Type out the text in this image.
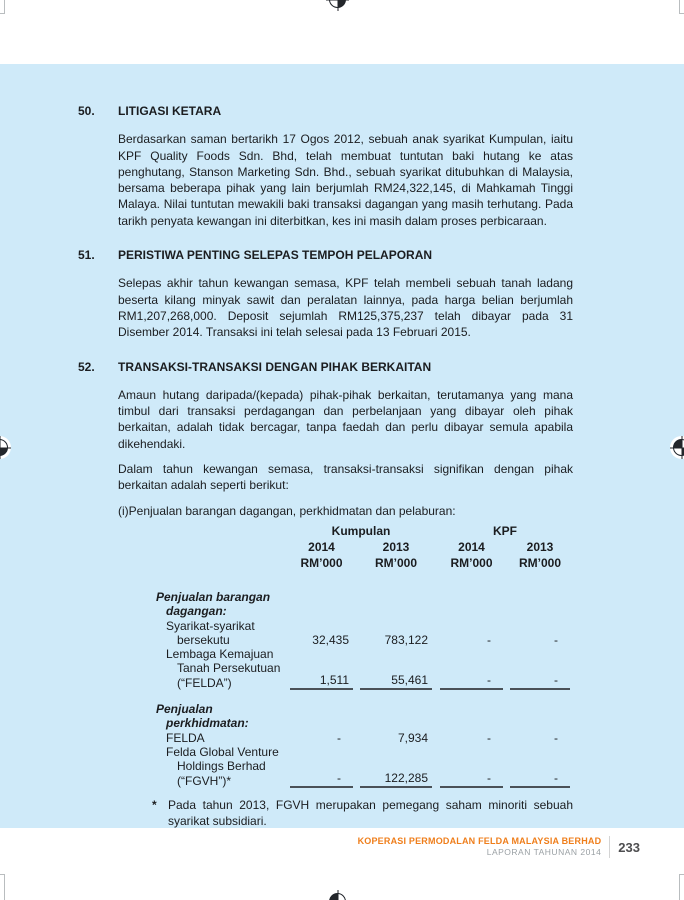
50.	LITIGASI KETARA

Berdasarkan saman bertarikh 17 Ogos 2012, sebuah anak syarikat Kumpulan, iaitu KPF Quality Foods Sdn. Bhd, telah membuat tuntutan baki hutang ke atas penghutang, Stanson Marketing Sdn. Bhd., sebuah syarikat ditubuhkan di Malaysia, bersama beberapa pihak yang lain berjumlah RM24,322,145, di Mahkamah Tinggi Malaya. Nilai tuntutan mewakili baki transaksi dagangan yang masih terhutang. Pada tarikh penyata kewangan ini diterbitkan, kes ini masih dalam proses perbicaraan.

51.	PERISTIWA PENTING SELEPAS TEMPOH PELAPORAN

Selepas akhir tahun kewangan semasa, KPF telah membeli sebuah tanah ladang beserta kilang minyak sawit dan peralatan lainnya, pada harga belian berjumlah RM1,207,268,000. Deposit sejumlah RM125,375,237 telah dibayar pada 31 Disember 2014. Transaksi ini telah selesai pada 13 Februari 2015.

52.	TRANSAKSI-TRANSAKSI DENGAN PIHAK BERKAITAN

Amaun hutang daripada/(kepada) pihak-pihak berkaitan, terutamanya yang mana timbul dari transaksi perdagangan dan perbelanjaan yang dibayar oleh pihak berkaitan, adalah tidak bercagar, tanpa faedah dan perlu dibayar semula apabila dikehendaki.

Dalam tahun kewangan semasa, transaksi-transaksi signifikan dengan pihak berkaitan adalah seperti berikut:

(i)Penjualan barangan dagangan, perkhidmatan dan pelaburan:

Kumpulan	KPF
2014	2013	2014	2013
RM’000	RM’000	RM’000	RM’000
Penjualan barangan
dagangan:
Syarikat-syarikat
bersekutu	32,435	783,122	-	-
Lembaga Kemajuan
Tanah Persekutuan
(“FELDA”)	1,511	55,461	-	-
Penjualan
perkhidmatan:
FELDA	-	7,934	-	-
Felda Global Venture
Holdings Berhad
(“FGVH”)*	-	122,285	-	-
* Pada tahun 2013, FGVH merupakan pemegang saham minoriti sebuah syarikat subsidiari.
KOPERASI PERMODALAN FELDA MALAYSIA BERHAD
LAPORAN TAHUNAN 2014 233
